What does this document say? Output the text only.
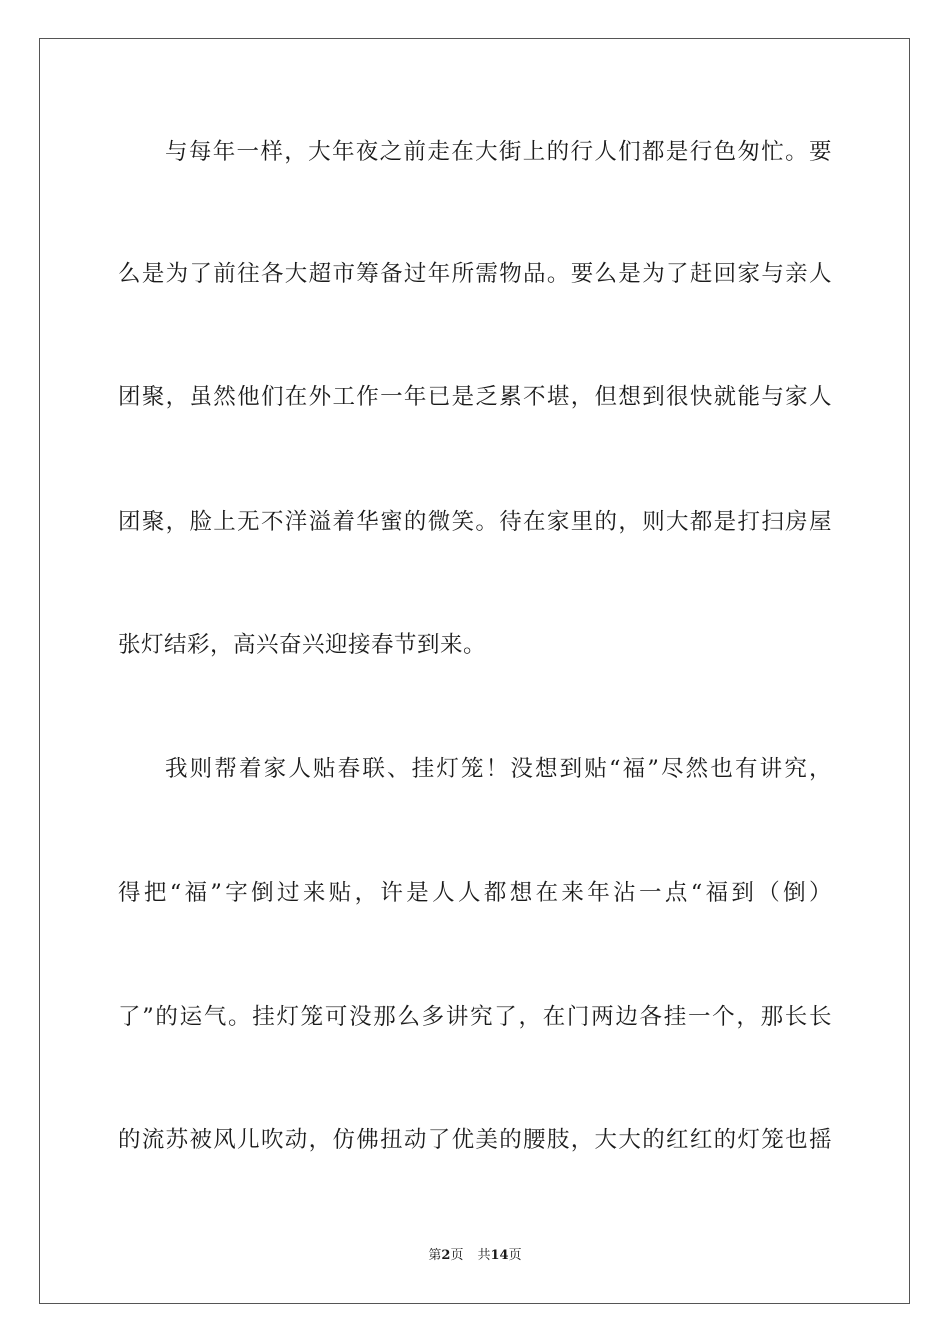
与每年一样，大年夜之前走在大街上的行人们都是行色匆忙。要
么是为了前往各大超市筹备过年所需物品。要么是为了赶回家与亲人
团聚，虽然他们在外工作一年已是乏累不堪，但想到很快就能与家人
团聚，脸上无不洋溢着华蜜的微笑。待在家里的，则大都是打扫房屋
张灯结彩，高兴奋兴迎接春节到来。
我则帮着家人贴春联、挂灯笼！没想到贴“福”尽然也有讲究，
得把“福”字倒过来贴，许是人人都想在来年沾一点“福到（倒）
了”的运气。挂灯笼可没那么多讲究了，在门两边各挂一个，那长长
的流苏被风儿吹动，仿佛扭动了优美的腰肢，大大的红红的灯笼也摇
第2页 共14页
